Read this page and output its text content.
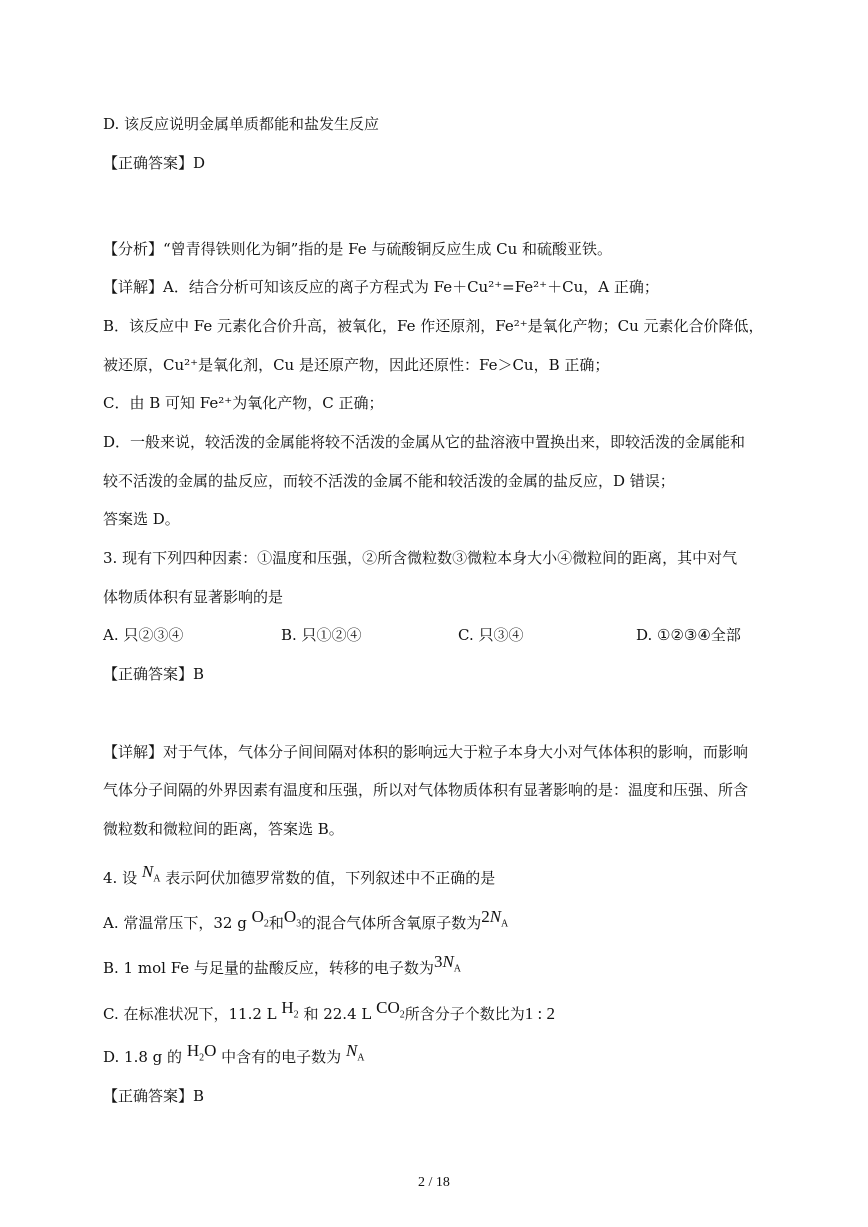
D. 该反应说明金属单质都能和盐发生反应
【正确答案】D
【分析】“曾青得铁则化为铜”指的是 Fe 与硫酸铜反应生成 Cu 和硫酸亚铁。
【详解】A．结合分析可知该反应的离子方程式为 Fe＋Cu²⁺=Fe²⁺＋Cu，A 正确；
B．该反应中 Fe 元素化合价升高，被氧化，Fe 作还原剂，Fe²⁺是氧化产物；Cu 元素化合价降低，
被还原，Cu²⁺是氧化剂，Cu 是还原产物，因此还原性：Fe＞Cu，B 正确；
C．由 B 可知 Fe²⁺为氧化产物，C 正确；
D．一般来说，较活泼的金属能将较不活泼的金属从它的盐溶液中置换出来，即较活泼的金属能和
较不活泼的金属的盐反应，而较不活泼的金属不能和较活泼的金属的盐反应，D 错误；
答案选 D。
3. 现有下列四种因素：①温度和压强，②所含微粒数③微粒本身大小④微粒间的距离，其中对气
体物质体积有显著影响的是
A. 只②③④	B. 只①②④	C. 只③④	D. ①②③④全部
【正确答案】B
【详解】对于气体，气体分子间间隔对体积的影响远大于粒子本身大小对气体体积的影响，而影响
气体分子间隔的外界因素有温度和压强，所以对气体物质体积有显著影响的是：温度和压强、所含
微粒数和微粒间的距离，答案选 B。
4. 设 $N_A$ 表示阿伏加德罗常数的值，下列叙述中不正确的是
A. 常温常压下，32 g $O_2$和$O_3$的混合气体所含氧原子数为$2N_A$
B. 1 mol Fe 与足量的盐酸反应，转移的电子数为$3N_A$
C. 在标准状况下，11.2 L $H_2$ 和 22.4 L $CO_2$所含分子个数比为1 : 2
D. 1.8 g 的 $H_2O$ 中含有的电子数为 $N_A$
【正确答案】B
2 / 18
